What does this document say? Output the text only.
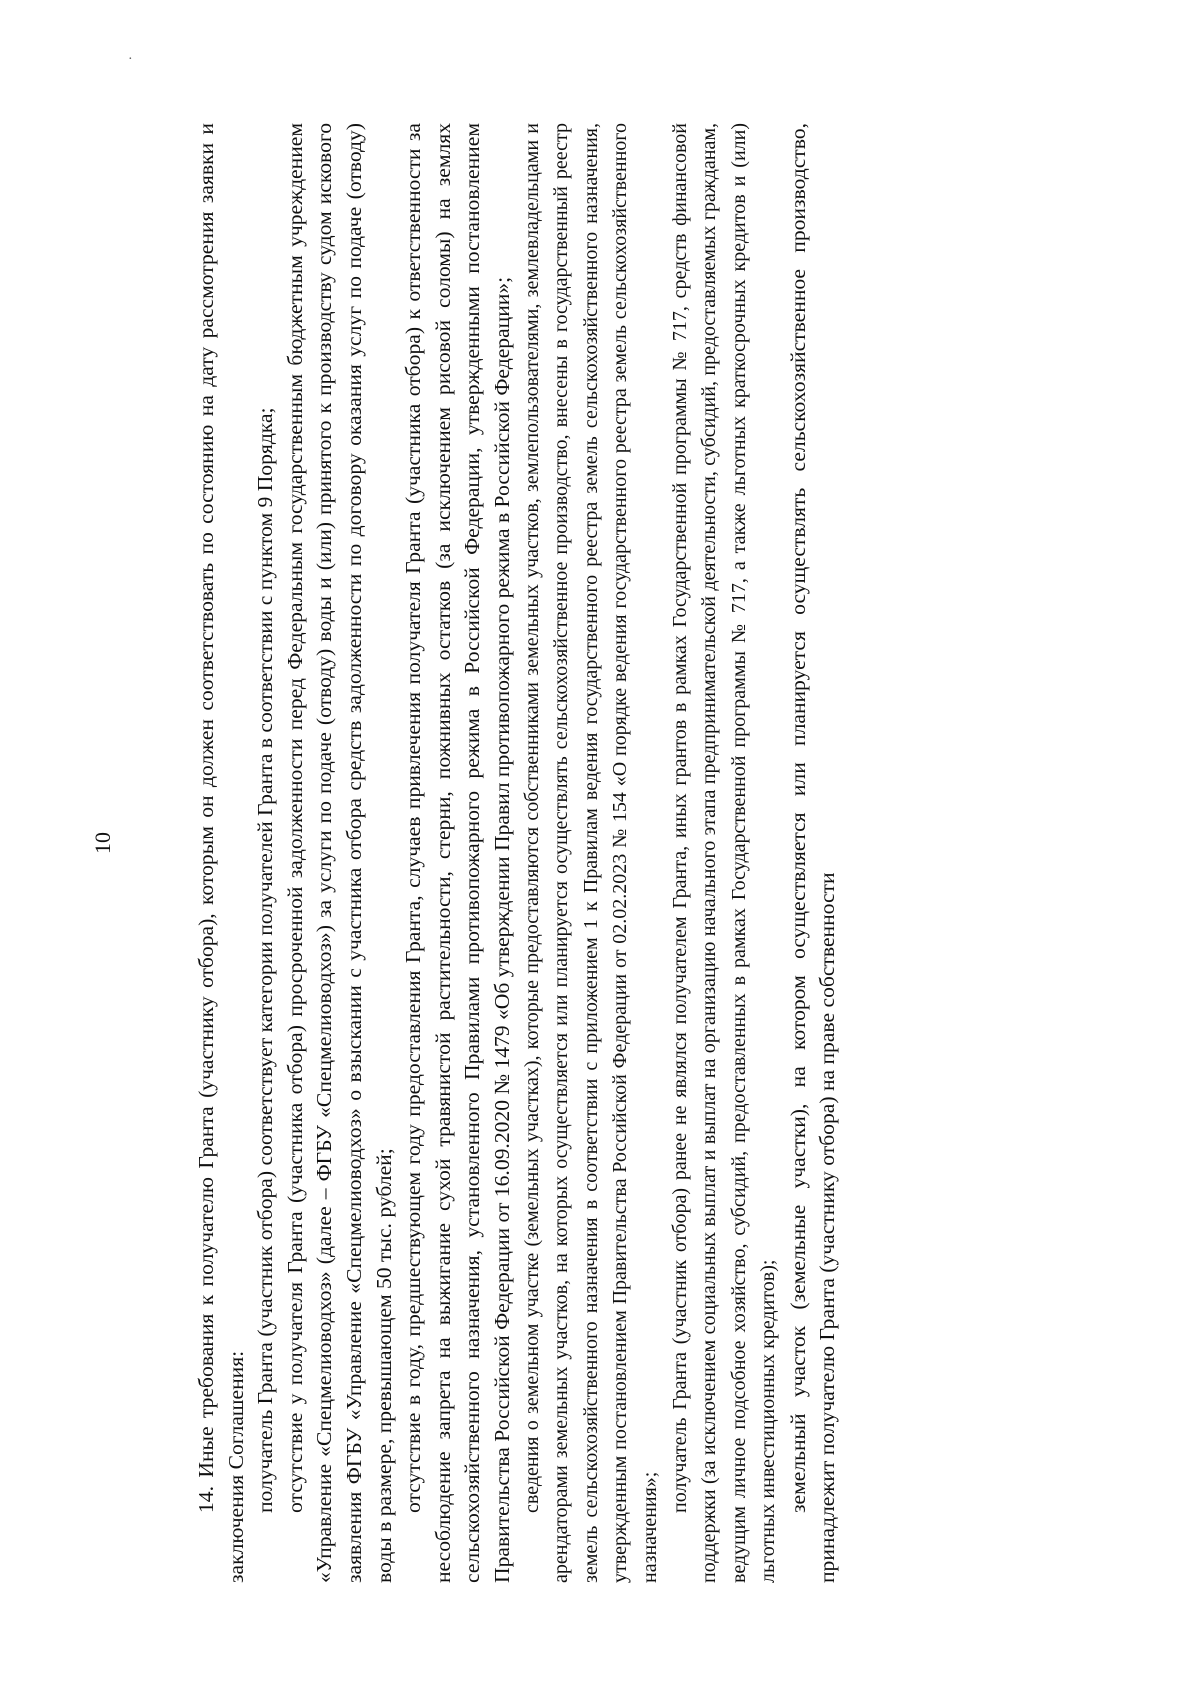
·
10	14. Иные требования к получателю Гранта (участнику отбора), которым он должен соответствовать по состоянию на дату рассмотрения заявки и заключения Соглашения: получатель Гранта (участник отбора) соответствует категории получателей Гранта в соответствии с пунктом 9 Порядка; отсутствие у получателя Гранта (участника отбора) просроченной задолженности перед Федеральным государственным бюджетным учреждением «Управление «Спецмелиоводхоз» (далее – ФГБУ «Спецмелиоводхоз») за услуги по подаче (отводу) воды и (или) принятого к производству судом искового заявления ФГБУ «Управление «Спецмелиоводхоз» о взыскании с участника отбора средств задолженности по договору оказания услуг по подаче (отводу) воды в размере, превышающем 50 тыс. рублей; отсутствие в году, предшествующем году предоставления Гранта, случаев привлечения получателя Гранта (участника отбора) к ответственности за несоблюдение запрета на выжигание сухой травянистой растительности, стерни, пожнивных остатков (за исключением рисовой соломы) на землях сельскохозяйственного назначения, установленного Правилами противопожарного режима в Российской Федерации, утвержденными постановлением Правительства Российской Федерации от 16.09.2020 № 1479 «Об утверждении Правил противопожарного режима в Российской Федерации»; сведения о земельном участке (земельных участках), которые предоставляются собственниками земельных участков, землепользователями, землевладельцами и арендаторами земельных участков, на которых осуществляется или планируется осуществлять сельскохозяйственное производство, внесены в государственный реестр земель сельскохозяйственного назначения в соответствии с приложением 1 к Правилам ведения государственного реестра земель сельскохозяйственного назначения, утвержденным постановлением Правительства Российской Федерации от 02.02.2023 № 154 «О порядке ведения государственного реестра земель сельскохозяйственного назначения»;

получатель Гранта (участник отбора) ранее не являлся получателем Гранта, иных грантов в рамках Государственной программы № 717, средств финансовой поддержки (за исключением социальных выплат и выплат на организацию начального этапа предпринимательской деятельности, субсидий, предоставляемых гражданам, ведущим личное подсобное хозяйство, субсидий, предоставленных в рамках Государственной программы № 717, а также льготных краткосрочных кредитов и (или) льготных инвестиционных кредитов); земельный участок (земельные участки), на котором осуществляется или планируется осуществлять сельскохозяйственное производство, принадлежит получателю Гранта (участнику отбора) на праве собственности
